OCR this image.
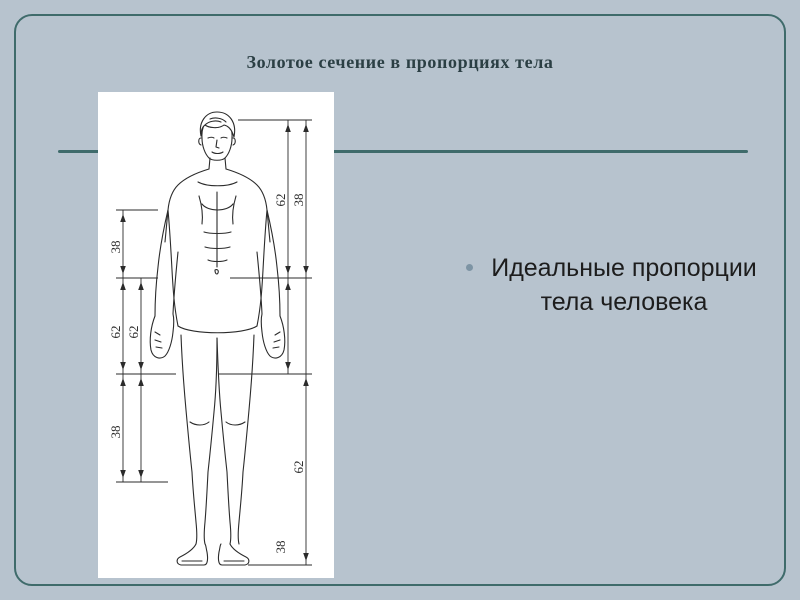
Золотое сечение в пропорциях тела
38
62 62
38
38
62
62
38
Идеальные пропорции тела человека
